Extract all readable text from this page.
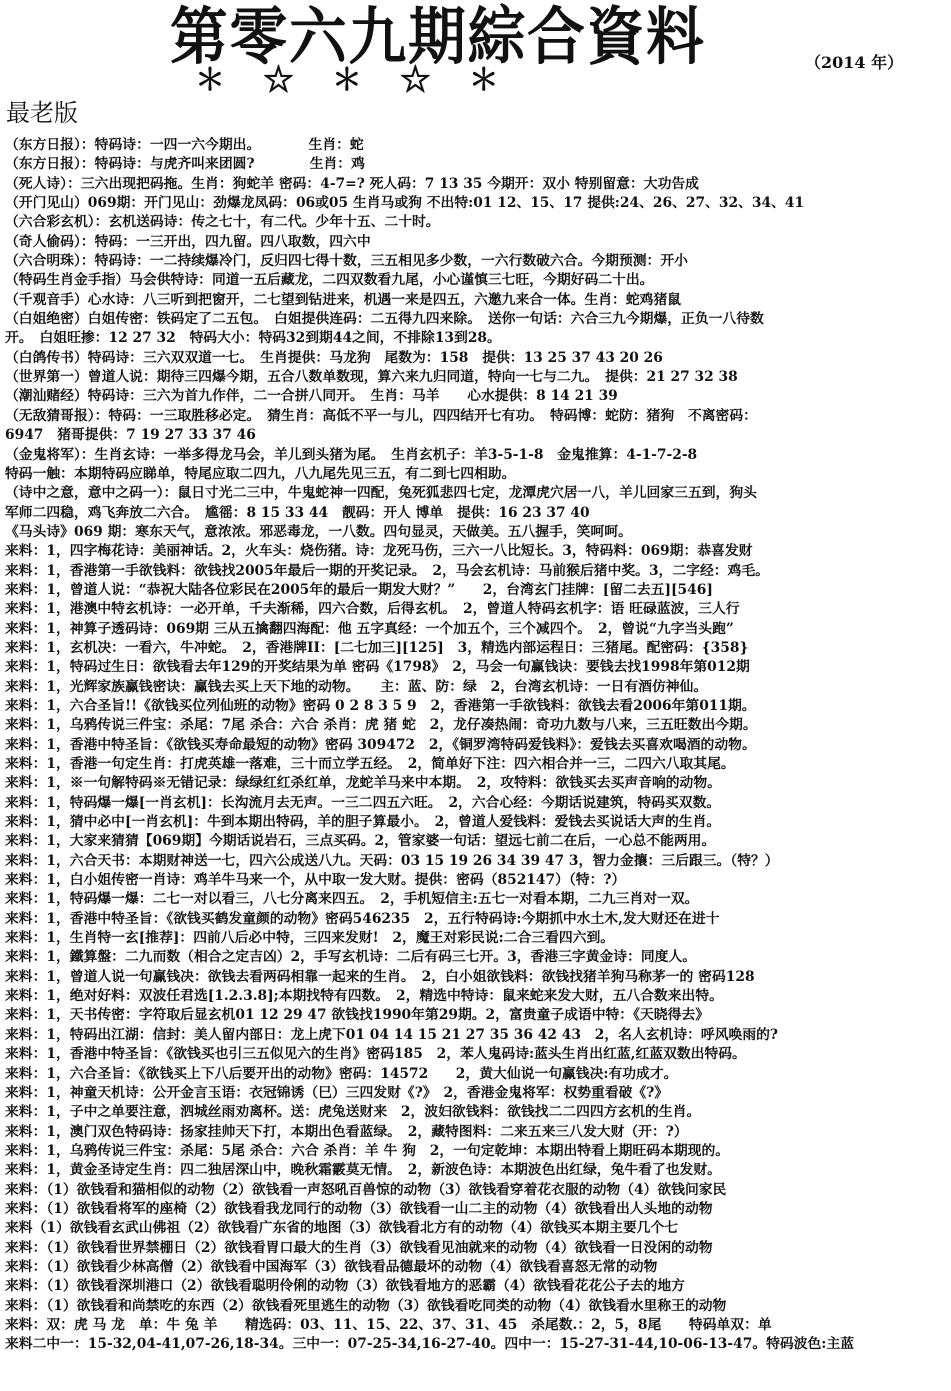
第零六九期綜合資料	（2014 年）
＊ ☆ ＊ ☆ ＊
最老版
（东方日报）：特码诗：一四一六今期出。　　　　生肖：蛇
（东方日报）：特码诗：与虎齐叫来团圆?　　　　生肖：鸡
（死人诗）：三六出现把码拖。生肖：狗蛇羊 密码：4-7=? 死人码：7 13 35 今期开：双小 特别留意：大功告成
（开门见山）069期：开门见山：劲爆龙凤码：06或05 生肖马或狗 不出特:01 12、15、17 提供:24、26、27、32、34、41
（六合彩玄机）：玄机送码诗：传之七十，有二代。少年十五、二十时。
（奇人偷码）：特码：一三开出，四九留。四八取数，四六中
（六合明珠）：特码诗：一二持续爆冷门，反归四七得十数，三五相见多少数，一六行数破六合。今期预测：开小
（特码生肖金手指）马会供特诗：同道一五后藏龙，二四双数看九尾，小心谨慎三七旺，今期好码二十出。
（千观音手）心水诗：八三听到把窗开，二七望到钻进来，机遇一来是四五，六邀九来合一体。生肖：蛇鸡猪鼠
（白姐绝密）白姐传密：铁码定了二五包。　白姐提供连码：二五得九四来除。　送你一句话：六合三九今期爆，正负一八待数
开。　白姐旺掺：12 27 32　特码大小：特码32到期44之间，不排除13到28。
（白鸽传书）特码诗：三六双双道一七。　生肖提供：马龙狗　尾数为：158　提供：13 25 37 43 20 26
（世界第一）曾道人说：期待三四爆今期，五合八数单数现，算六来九归同道，特向一七与二九。　提供：21 27 32 38
（潮汕赌经）特码诗：三六为首九作伴，二一合拼八同开。　生肖：马羊　　心水提供：8 14 21 39
（无敌猜哥报）：特码：一三取胜移必定。　猜生肖：高低不平一与儿，四四结开七有功。　特码博：蛇防：猪狗　不离密码：
6947　猪哥提供：7 19 27 33 37 46
（金鬼将军）：生肖玄诗：一举多得龙马会，羊儿到头猪为尾。　生肖玄机子：羊3-5-1-8　金鬼推算：4-1-7-2-8
特码一触：本期特码应睇单，特尾应取二四九，八九尾先见三五，有二到七四相助。
（诗中之意，意中之码一）：鼠日寸光二三中，牛鬼蛇神一四配，兔死狐悲四七定，龙潭虎穴居一八，羊儿回家三五到，狗头
军师二四稳，鸡飞奔放二六合。　尴徭：8 15 33 44　靓码：开人 博单　提供：16 23 37 40
《马头诗》069 期：寒东天气，意浓浓。邪恶毒龙，一八数。四句显灵，天做美。五八握手，笑呵呵。
来料：1，四字梅花诗：美丽神话。2，火车头：烧伤猪。诗：龙死马伤，三六一八比短长。3，特码料：069期：恭喜发财
来料：1，香港第一手欲钱料：欲钱找2005年最后一期的开奖记录。　2，马会玄机诗：马前猴后猪中奖。3，二字经：鸡毛。
来料：1，曾道人说：“恭祝大陆各位彩民在2005年的最后一期发大财？”　　2，台湾玄门挂牌：[留二去五][546]
来料：1，港澳中特玄机诗：一必开单，千夫渐稀，四六合数，后得玄机。　2，曾道人特码玄机字：语 旺碌蓝波，三人行
来料：1，神算子透码诗：069期 三从五擒翻四海配：他 五字真经：一个加五个，三个减四个。　2，曾说“九字当头跑”
来料：1，玄机决：一看六，牛冲蛇。　2，香港牌II：[二七加三][125]　3，精选内部运程日：三猪尾。配密码：{358}
来料：1，特码过生日：欲钱看去年129的开奖结果为单 密码《1798》　2，马会一句赢钱诀：要钱去找1998年第012期
来料：1，光辉家族赢钱密诀：赢钱去买上天下地的动物。　　主：蓝、防：绿　2，台湾玄机诗：一日有酒仿神仙。
来料：1，六合圣旨!!《欲钱买位列仙班的动物》密码 0 2 8 3 5 9　2，香港第一手欲钱料：欲钱去看2006年第011期。
来料：1，乌鸦传说三件宝：杀尾：7尾 杀合：六合 杀肖：虎 猪 蛇　2，龙仔凑热闹：奇功九数与八来，三五旺数出今期。
来料：1，香港中特圣旨：《欲钱买寿命最短的动物》密码 309472　2，《铜罗湾特码爱钱料》：爱钱去买喜欢喝酒的动物。
来料：1，香港一句定生肖：打虎英雄一落难，三十而立学五经。　2，简单好下注：四六相合并一三，二四六八取其尾。
来料：1，※一句解特码※无错记录：绿绿红红杀红单，龙蛇羊马来中本期。　2，攻特料：欲钱买去买声音响的动物。
来料：1，特码爆一爆[一肖玄机]：长沟流月去无声。一三二四五六旺。　2，六合心经：今期话说建筑，特码买双数。
来料：1，猜中必中[一肖玄机]：牛到本期出特码，羊的胆子算最小。　2，曾道人爱钱料：爱钱去买说话大声的生肖。
来料：1，大家来猜猜【069期】今期话说岩石，三点买码。2，管家婆一句话：望远七前二在后，一心总不能两用。
来料：1，六合天书：本期财神送一七，四六公成送八九。天码：03 15 19 26 34 39 47 3，智力金攘：三后跟三。（特？）
来料：1，白小姐传密一肖诗：鸡羊牛马来一个，从中取一发大财。提供：密码（852147）（特：?）
来料：1，特码爆一爆：二七一对以看三，八七分离来四五。　2，手机短信主:五七一对看本期，二九三肖对一双。
来料：1，香港中特圣旨：《欲钱买鹤发童颜的动物》密码546235　2，五行特码诗:今期抓中水土木,发大财还在进十
来料：1，生肖特一玄[推荐]：四前八后必中特，三四来发财!　2，魔王对彩民说:二合三看四六到。
来料：1，鐵算盤：二九而数（相合之定吉凶）2，手写玄机诗：二后有码三七开。3，香港三字黄金诗：同度人。
来料：1，曾道人说一句赢钱决：欲钱去看两码相靠一起来的生肖。　2，白小姐欲钱料：欲钱找猪羊狗马称茅一的 密码128
来料：1，绝对好料：双波任君选[1.2.3.8];本期找特有四数。　2，精选中特诗：鼠来蛇来发大财，五八合数来出特。
来料：1，天书传密：字符取后显玄机01 12 29 47 欲钱找1990年第29期。2，富贵童子成语中特：《天晓得去》
来料：1，特码出江湖：信封：美人留内部日：龙上虎下01 04 14 15 21 27 35 36 42 43　2，名人玄机诗：呼风唤雨的?
来料：1，香港中特圣旨：《欲钱买也引三五似见六的生肖》密码185　2，苯人鬼码诗:蓝头生肖出红蓝,红蓝双数出特码。
来料：1，六合圣旨：《欲钱买上下八后要开出的动物》密码：14572　　2，黄大仙说一句赢钱决:有功成才。
来料：1，神童天机诗：公开金言玉语：衣冠锦诱（巳）三四发财《?》　2，香港金鬼将军：权势重看破《?》
来料：1，子中之单要注意，泗城丝雨劝离杯。送：虎兔送财来　2，波妇欲钱料：欲钱找二二四四方玄机的生肖。
来料：1，澳门双色特码诗：扬家挂帅天下打，本期出色看蓝绿。　2，藏特图料：二来五来三八发大财（开：?）
来料：1，乌鸦传说三件宝：杀尾：5尾 杀合：六合 杀肖：羊 牛 狗　2，一句定乾坤：本期出特看上期旺码本期现的。
来料：1，黄金圣诗定生肖：四二独居深山中，晚秋霜霰莫无情。　2，新波色诗：本期波色出红绿，兔牛看了也发财。
来料：（1）欲钱看和猫相似的动物（2）欲钱看一声怒吼百兽惊的动物（3）欲钱看穿着花衣服的动物（4）欲钱问家民
来料：（1）欲钱看将军的座椅（2）欲钱看我龙同行的动物（3）欲钱看一山二主的动物（4）欲钱看出人头地的动物
来料（1）欲钱看玄武山佛祖（2）欲钱看广东省的地图（3）欲钱看北方有的动物（4）欲钱买本期主要几个七
来料：（1）欲钱看世界禁棚日（2）欲钱看胃口最大的生肖（3）欲钱看见油就来的动物（4）欲钱看一日没闲的动物
来料：（1）欲钱看少林高僧（2）欲钱看中国海军（3）欲钱看品德最坏的动物（4）欲钱看喜怒无常的动物
来料：（1）欲钱看深圳港口（2）欲钱看聪明伶俐的动物（3）欲钱看地方的恶霸（4）欲钱看花花公子去的地方
来料：（1）欲钱看和尚禁吃的东西（2）欲钱看死里逃生的动物（3）欲钱看吃同类的动物（4）欲钱看水里称王的动物
来料：双：虎 马 龙　单：牛 兔 羊　　精选码：03、11、15、22、37、31、45　杀尾数.：2，5，8尾　　特码单双：单
来料二中一：15-32,04-41,07-26,18-34。三中一：07-25-34,16-27-40。四中一：15-27-31-44,10-06-13-47。特码波色:主蓝
